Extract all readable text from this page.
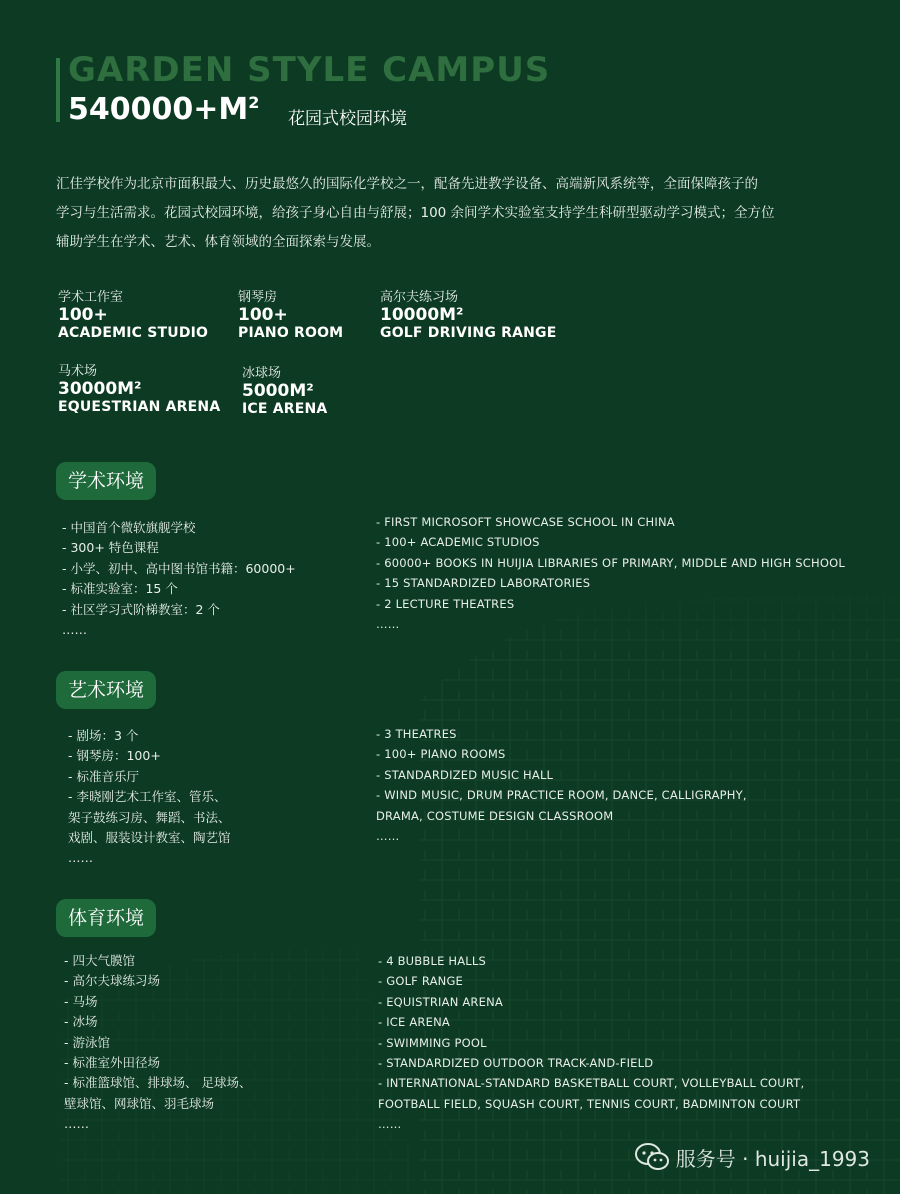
GARDEN STYLE CAMPUS
$540000+M^2$
花园式校园环境
汇佳学校作为北京市面积最大、历史最悠久的国际化学校之一，配备先进教学设备、高端新风系统等，全面保障孩子的
学习与生活需求。花园式校园环境，给孩子身心自由与舒展；100 余间学术实验室支持学生科研型驱动学习模式；全方位
辅助学生在学术、艺术、体育领域的全面探索与发展。
学术工作室
100+
ACADEMIC STUDIO
钢琴房
100+
PIANO ROOM
高尔夫练习场
10000M²
GOLF DRIVING RANGE
马术场
30000M²
EQUESTRIAN ARENA
冰球场
5000M²
ICE ARENA
学术环境
- 中国首个微软旗舰学校
- 300+ 特色课程
- 小学、初中、高中图书馆书籍：60000+
- 标准实验室：15 个
- 社区学习式阶梯教室：2 个
……
- FIRST MICROSOFT SHOWCASE SCHOOL IN CHINA
- 100+ ACADEMIC STUDIOS
- 60000+ BOOKS IN HUIJIA LIBRARIES OF PRIMARY, MIDDLE AND HIGH SCHOOL
- 15 STANDARDIZED LABORATORIES
- 2 LECTURE THEATRES
……
艺术环境
- 剧场：3 个
- 钢琴房：100+
- 标准音乐厅
- 李晓刚艺术工作室、管乐、
架子鼓练习房、舞蹈、书法、
戏剧、服装设计教室、陶艺馆
……
- 3 THEATRES
- 100+ PIANO ROOMS
- STANDARDIZED MUSIC HALL
- WIND MUSIC, DRUM PRACTICE ROOM, DANCE, CALLIGRAPHY,
DRAMA, COSTUME DESIGN CLASSROOM
……
体育环境
- 四大气膜馆
- 高尔夫球练习场
- 马场
- 冰场
- 游泳馆
- 标准室外田径场
- 标准篮球馆、排球场、 足球场、
壁球馆、网球馆、羽毛球场
……
- 4 BUBBLE HALLS
- GOLF RANGE
- EQUISTRIAN ARENA
- ICE ARENA
- SWIMMING POOL
- STANDARDIZED OUTDOOR TRACK-AND-FIELD
- INTERNATIONAL-STANDARD BASKETBALL COURT, VOLLEYBALL COURT,
FOOTBALL FIELD, SQUASH COURT, TENNIS COURT, BADMINTON COURT
……
服务号 · huijia_1993
